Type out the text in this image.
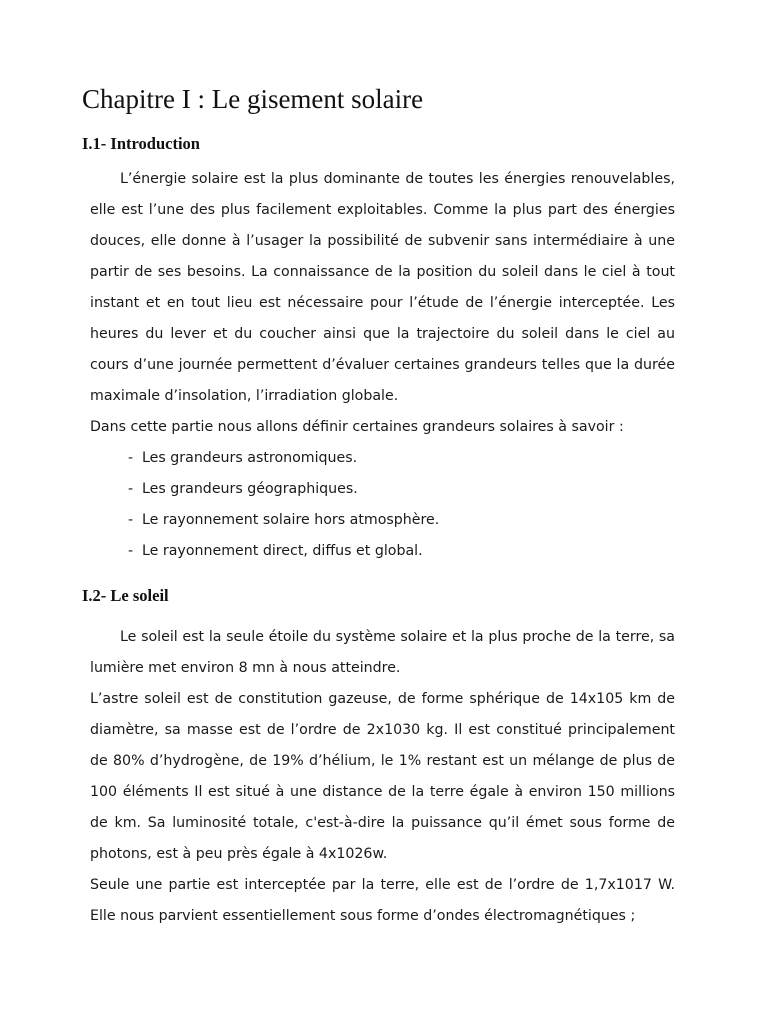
Chapitre I : Le gisement solaire
I.1- Introduction

L’énergie solaire est la plus dominante de toutes les énergies renouvelables, elle est l’une des plus facilement exploitables. Comme la plus part des énergies douces, elle donne à l’usager la possibilité de subvenir sans intermédiaire à une partir de ses besoins. La connaissance de la position du soleil dans le ciel à tout instant et en tout lieu est nécessaire pour l’étude de l’énergie interceptée. Les heures du lever et du coucher ainsi que la trajectoire du soleil dans le ciel au cours d’une journée permettent d’évaluer certaines grandeurs telles que la durée maximale d’insolation, l’irradiation globale.

Dans cette partie nous allons définir certaines grandeurs solaires à savoir :

- Les grandeurs astronomiques.
- Les grandeurs géographiques.
- Le rayonnement solaire hors atmosphère.
- Le rayonnement direct, diffus et global.
I.2- Le soleil

Le soleil est la seule étoile du système solaire et la plus proche de la terre, sa lumière met environ 8 mn à nous atteindre.

L’astre soleil est de constitution gazeuse, de forme sphérique de 14x105 km de diamètre, sa masse est de l’ordre de 2x1030 kg. Il est constitué principalement de 80% d’hydrogène, de 19% d’hélium, le 1% restant est un mélange de plus de 100 éléments Il est situé à une distance de la terre égale à environ 150 millions de km. Sa luminosité totale, c'est-à-dire la puissance qu’il émet sous forme de photons, est à peu près égale à 4x1026w.

Seule une partie est interceptée par la terre, elle est de l’ordre de 1,7x1017 W. Elle nous parvient essentiellement sous forme d’ondes électromagnétiques ;
